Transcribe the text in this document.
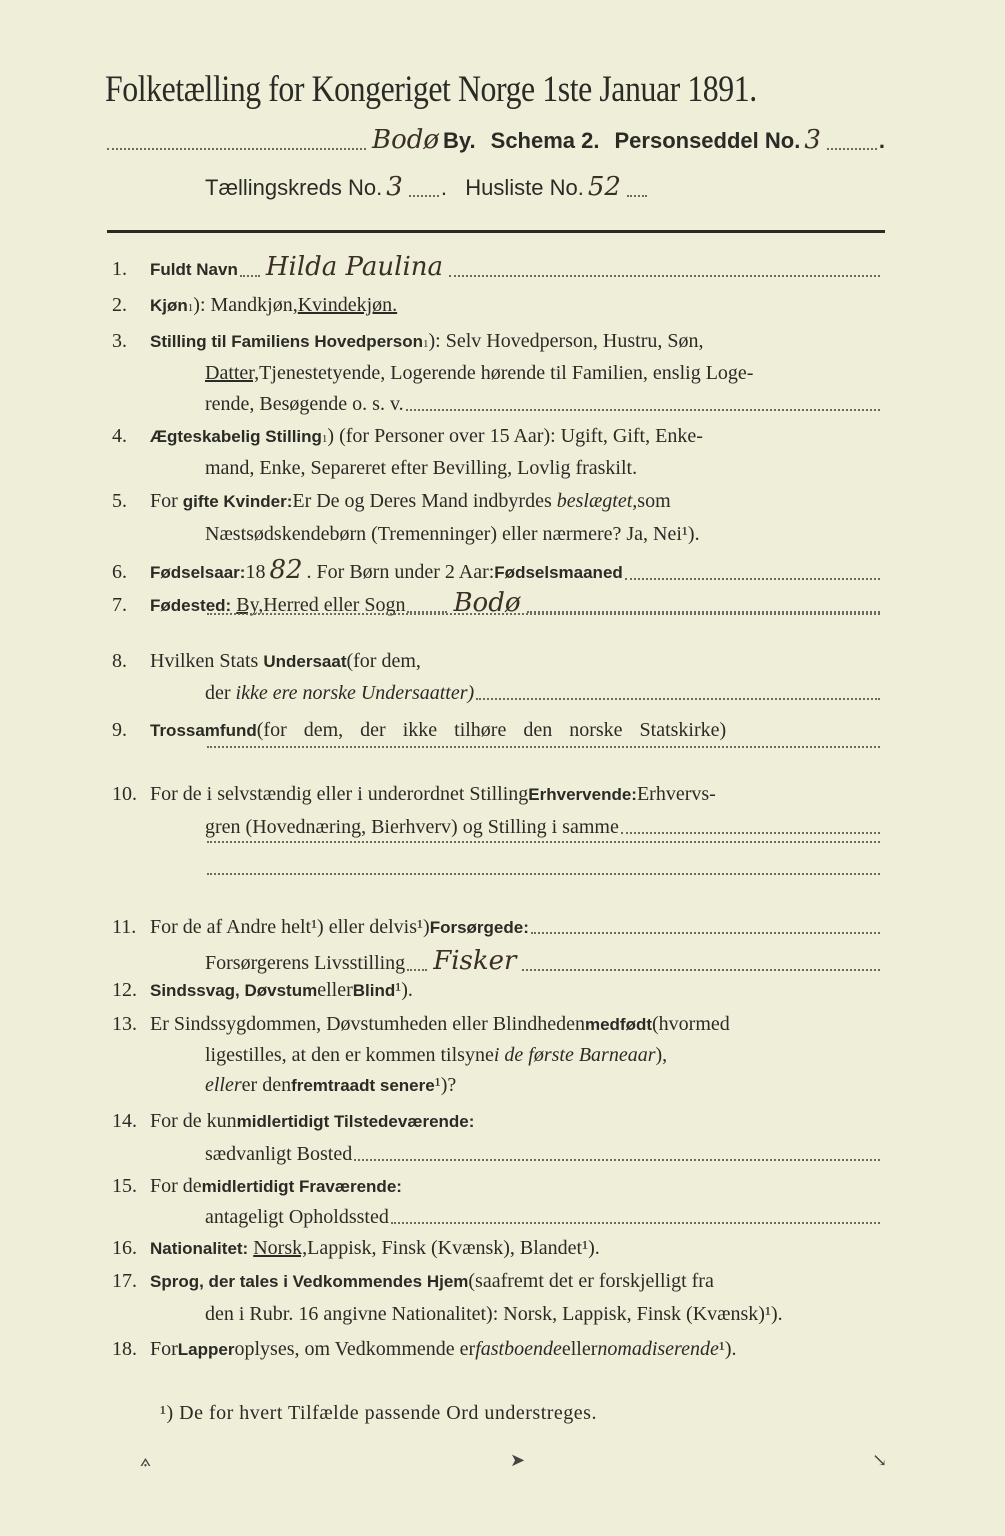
Folketælling for Kongeriget Norge 1ste Januar 1891.
Bodø By.
Schema 2.
Personseddel No. 3	.
Tællingskreds No. 3 . Husliste No. 52
1.	Fuldt Navn Hilda Paulina
2.	Kjøn 1 ): Mandkjøn, Kvindekjøn.
3.	Stilling til Familiens Hovedperson 1 ): Selv Hovedperson, Hustru, Søn,
Datter, Tjenestetyende, Logerende hørende til Familien, enslig Loge-
rende, Besøgende o. s. v.
4.	Ægteskabelig Stilling 1 ) (for Personer over 15 Aar): Ugift, Gift, Enke-
mand, Enke, Separeret efter Bevilling, Lovlig fraskilt.
5.	For
gifte Kvinder: Er De og Deres Mand indbyrdes
beslægtet, som
Næstsødskendebørn (Tremenninger) eller nærmere? Ja, Nei¹).
6.	Fødselsaar: 18 82 . For Børn under 2 Aar: Fødselsmaaned
7.	Fødested:
By, Herred eller Sogn Bodø
8.	Hvilken Stats
Undersaat (for dem,
der
ikke ere norske Undersaatter)
9.	Trossamfund (for dem, der ikke tilhøre den norske Statskirke)
10. For de i selvstændig eller i underordnet Stilling Erhvervende: Erhvervs-
gren (Hovednæring, Bierhverv) og Stilling i samme
11. For de af Andre helt¹) eller delvis¹) Forsørgede:
Forsørgerens Livsstilling Fisker
12. Sindssvag, Døvstum eller Blind ¹).
13. Er Sindssygdommen, Døvstumheden eller Blindheden medfødt (hvormed
ligestilles, at den er kommen tilsyne i de første Barneaar ),
eller er den fremtraadt senere ¹)?
14. For de kun midlertidigt Tilstedeværende:
sædvanligt Bosted
15. For de midlertidigt Fraværende:
antageligt Opholdssted
16. Nationalitet:
Norsk, Lappisk, Finsk (Kvænsk), Blandet¹).
17. Sprog, der tales i Vedkommendes Hjem (saafremt det er forskjelligt fra
den i Rubr. 16 angivne Nationalitet): Norsk, Lappisk, Finsk (Kvænsk)¹).
18. For Lapper oplyses, om Vedkommende er fastboende eller nomadiserende ¹).
¹) De for hvert Tilfælde passende Ord understreges.
⟑	➤	↘
